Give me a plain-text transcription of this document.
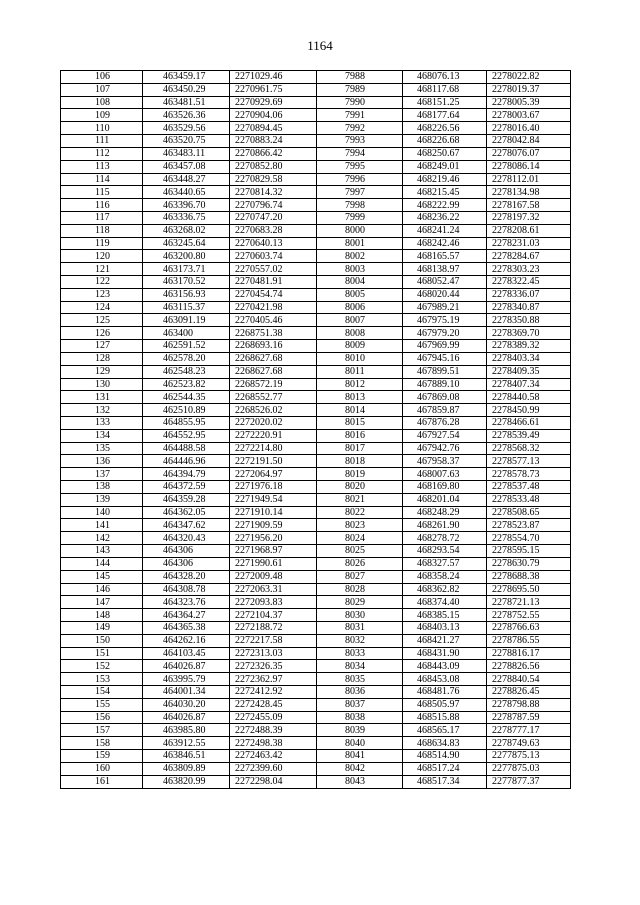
1164
106	463459.17	2271029.46	7988	468076.13	2278022.82
107	463450.29	2270961.75	7989	468117.68	2278019.37
108	463481.51	2270929.69	7990	468151.25	2278005.39
109	463526.36	2270904.06	7991	468177.64	2278003.67
110	463529.56	2270894.45	7992	468226.56	2278016.40
111	463520.75	2270883.24	7993	468226.68	2278042.84
112	463483.11	2270866.42	7994	468250.67	2278076.07
113	463457.08	2270852.80	7995	468249.01	2278086.14
114	463448.27	2270829.58	7996	468219.46	2278112.01
115	463440.65	2270814.32	7997	468215.45	2278134.98
116	463396.70	2270796.74	7998	468222.99	2278167.58
117	463336.75	2270747.20	7999	468236.22	2278197.32
118	463268.02	2270683.28	8000	468241.24	2278208.61
119	463245.64	2270640.13	8001	468242.46	2278231.03
120	463200.80	2270603.74	8002	468165.57	2278284.67
121	463173.71	2270557.02	8003	468138.97	2278303.23
122	463170.52	2270481.91	8004	468052.47	2278322.45
123	463156.93	2270454.74	8005	468020.44	2278336.07
124	463115.37	2270421.98	8006	467989.21	2278340.87
125	463091.19	2270405.46	8007	467975.19	2278350.88
126	463400	2268751.38	8008	467979.20	2278369.70
127	462591.52	2268693.16	8009	467969.99	2278389.32
128	462578.20	2268627.68	8010	467945.16	2278403.34
129	462548.23	2268627.68	8011	467899.51	2278409.35
130	462523.82	2268572.19	8012	467889.10	2278407.34
131	462544.35	2268552.77	8013	467869.08	2278440.58
132	462510.89	2268526.02	8014	467859.87	2278450.99
133	464855.95	2272020.02	8015	467876.28	2278466.61
134	464552.95	2272220.91	8016	467927.54	2278539.49
135	464488.58	2272214.80	8017	467942.76	2278568.32
136	464446.96	2272191.50	8018	467958.37	2278577.13
137	464394.79	2272064.97	8019	468007.63	2278578.73
138	464372.59	2271976.18	8020	468169.80	2278537.48
139	464359.28	2271949.54	8021	468201.04	2278533.48
140	464362.05	2271910.14	8022	468248.29	2278508.65
141	464347.62	2271909.59	8023	468261.90	2278523.87
142	464320.43	2271956.20	8024	468278.72	2278554.70
143	464306	2271968.97	8025	468293.54	2278595.15
144	464306	2271990.61	8026	468327.57	2278630.79
145	464328.20	2272009.48	8027	468358.24	2278688.38
146	464308.78	2272063.31	8028	468362.82	2278695.50
147	464323.76	2272093.83	8029	468374.40	2278721.13
148	464364.27	2272104.37	8030	468385.15	2278752.55
149	464365.38	2272188.72	8031	468403.13	2278766.63
150	464262.16	2272217.58	8032	468421.27	2278786.55
151	464103.45	2272313.03	8033	468431.90	2278816.17
152	464026.87	2272326.35	8034	468443.09	2278826.56
153	463995.79	2272362.97	8035	468453.08	2278840.54
154	464001.34	2272412.92	8036	468481.76	2278826.45
155	464030.20	2272428.45	8037	468505.97	2278798.88
156	464026.87	2272455.09	8038	468515.88	2278787.59
157	463985.80	2272488.39	8039	468565.17	2278777.17
158	463912.55	2272498.38	8040	468634.83	2278749.63
159	463846.51	2272463.42	8041	468514.90	2277875.13
160	463809.89	2272399.60	8042	468517.24	2277875.03
161	463820.99	2272298.04	8043	468517.34	2277877.37
